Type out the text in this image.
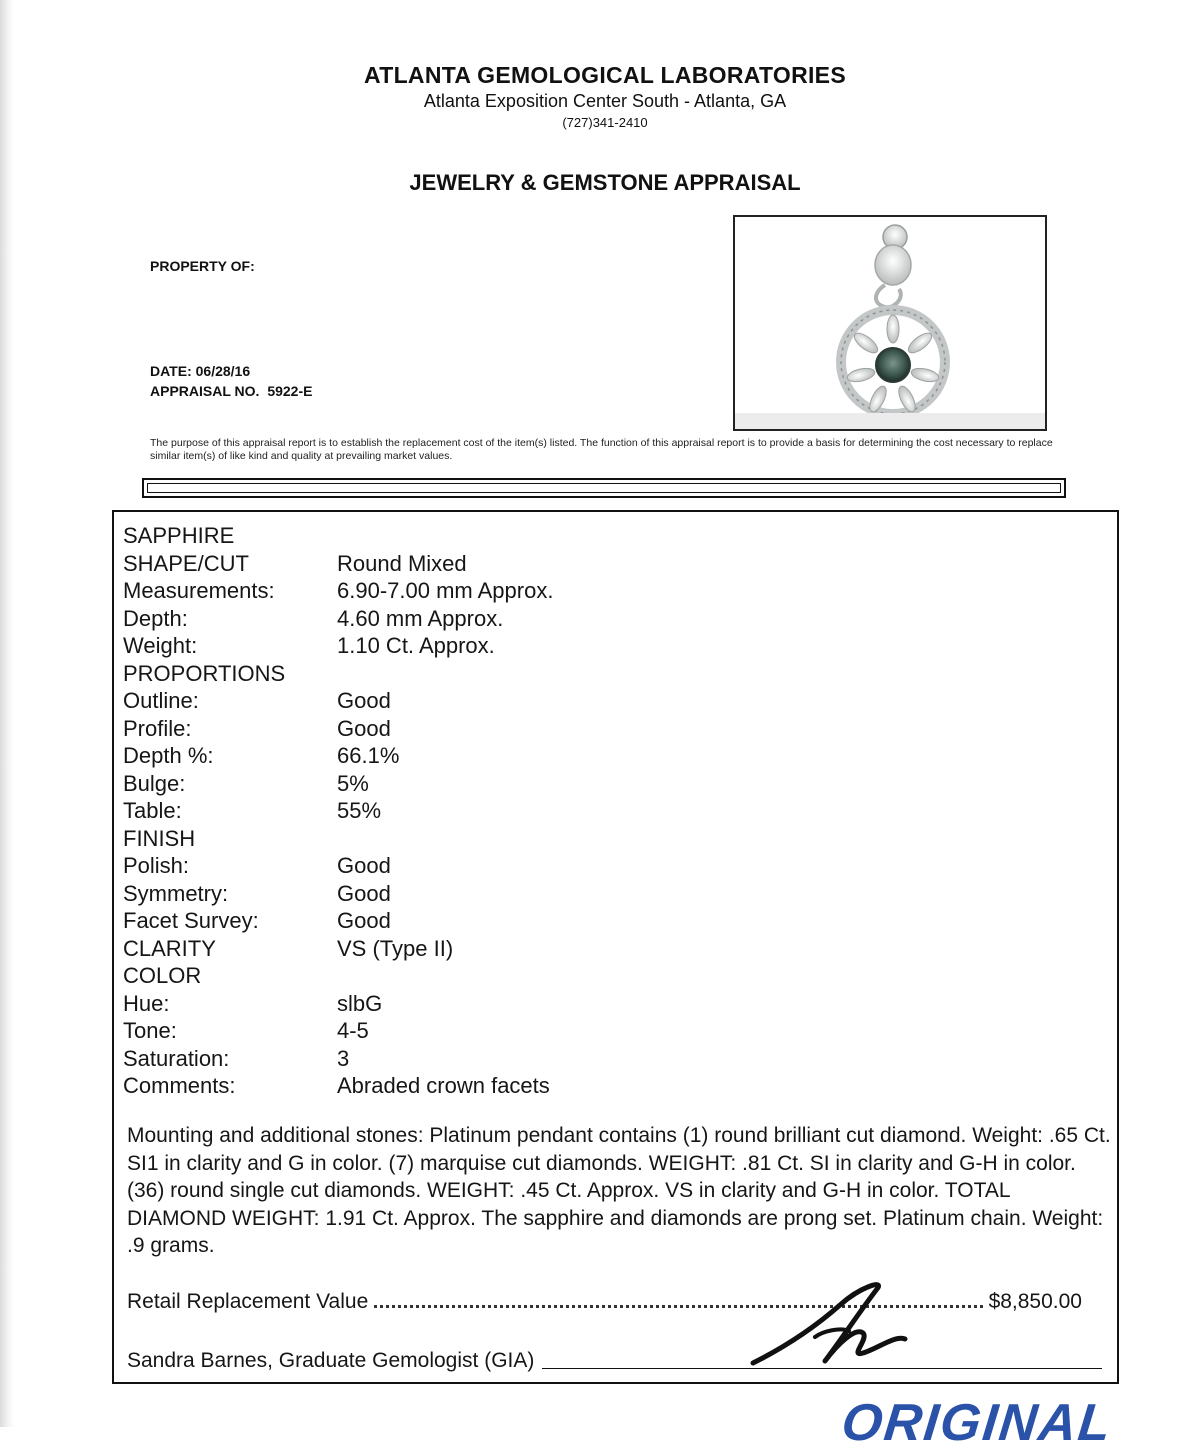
ATLANTA GEMOLOGICAL LABORATORIES
Atlanta Exposition Center South - Atlanta, GA
(727)341-2410
JEWELRY & GEMSTONE APPRAISAL
PROPERTY OF:
DATE: 06/28/16
APPRAISAL NO. 5922-E
The purpose of this appraisal report is to establish the replacement cost of the item(s) listed. The function of this appraisal report is to provide a basis for determining the cost necessary to replace similar item(s) of like kind and quality at prevailing market values.
SAPPHIRE	
SHAPE/CUT	Round Mixed
Measurements:	6.90-7.00 mm Approx.
Depth:	4.60 mm Approx.
Weight:	1.10 Ct. Approx.
PROPORTIONS	
Outline:	Good
Profile:	Good
Depth %:	66.1%
Bulge:	5%
Table:	55%
FINISH	
Polish:	Good
Symmetry:	Good
Facet Survey:	Good
CLARITY	VS (Type II)
COLOR	
Hue:	slbG
Tone:	4-5
Saturation:	3
Comments:	Abraded crown facets
Mounting and additional stones: Platinum pendant contains (1) round brilliant cut diamond. Weight: .65 Ct. SI1 in clarity and G in color. (7) marquise cut diamonds. WEIGHT: .81 Ct. SI in clarity and G-H in color. (36) round single cut diamonds. WEIGHT: .45 Ct. Approx. VS in clarity and G-H in color. TOTAL DIAMOND WEIGHT: 1.91 Ct. Approx. The sapphire and diamonds are prong set. Platinum chain. Weight: .9 grams.
Retail Replacement Value	$8,850.00
Sandra Barnes, Graduate Gemologist (GIA)
ORIGINAL
